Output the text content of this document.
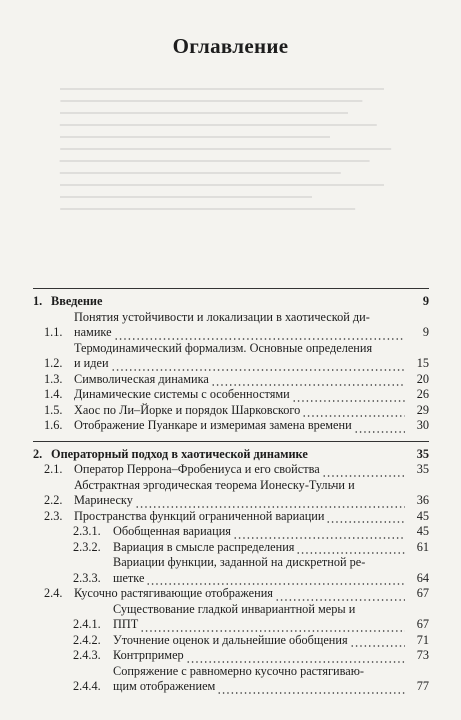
Оглавление
1. Введение	9
1.1.
Понятия устойчивости и локализации в хаотической ди-
намике	9
1.2.
Термодинамический формализм. Основные определения
и идеи	15
1.3. Символическая динамика	20
1.4. Динамические системы с особенностями	26
1.5. Хаос по Ли–Йорке и порядок Шарковского	29
1.6. Отображение Пуанкаре и измеримая замена времени	30
2. Операторный подход в хаотической динамике	35
2.1. Оператор Перрона–Фробениуса и его свойства	35
2.2.
Абстрактная эргодическая теорема Ионеску-Тульчи и
Маринеску	36
2.3. Пространства функций ограниченной вариации	45
2.3.1.	Обобщенная вариация	45
2.3.2.	Вариация в смысле распределения	61
2.3.3.
Вариации функции, заданной на дискретной ре-
шетке	64
2.4. Кусочно растягивающие отображения	67
2.4.1.
Существование гладкой инвариантной меры и
ППТ	67
2.4.2.	Уточнение оценок и дальнейшие обобщения	71
2.4.3.	Контрпример	73
2.4.4.
Сопряжение с равномерно кусочно растягиваю-
щим отображением	77
